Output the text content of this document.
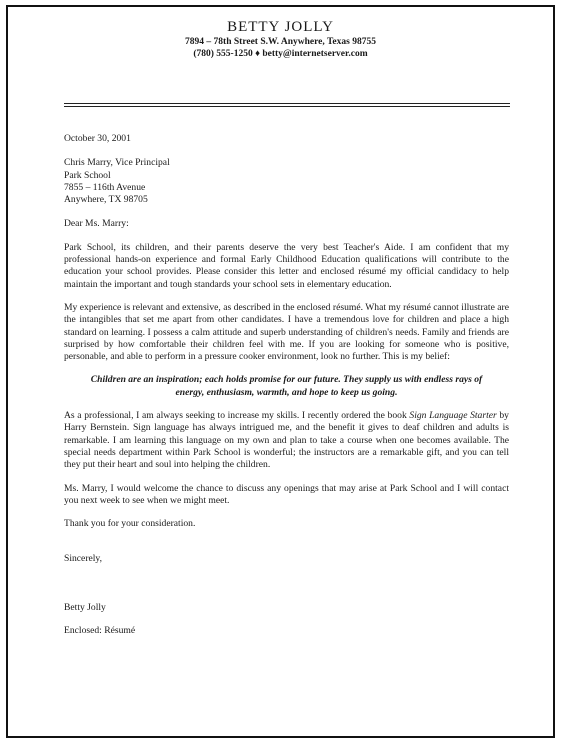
BETTY JOLLY
7894 – 78th Street S.W. Anywhere, Texas 98755
(780) 555-1250 ♦ betty@internetserver.com

October 30, 2001

Chris Marry, Vice Principal

Park School

7855 – 116th Avenue

Anywhere, TX 98705

Dear Ms. Marry:

Park School, its children, and their parents deserve the very best Teacher's Aide. I am confident that my professional hands-on experience and formal Early Childhood Education qualifications will contribute to the education your school provides. Please consider this letter and enclosed résumé my official candidacy to help maintain the important and tough standards your school sets in elementary education.

My experience is relevant and extensive, as described in the enclosed résumé. What my résumé cannot illustrate are the intangibles that set me apart from other candidates. I have a tremendous love for children and place a high standard on learning. I possess a calm attitude and superb understanding of children's needs. Family and friends are surprised by how comfortable their children feel with me. If you are looking for someone who is positive, personable, and able to perform in a pressure cooker environment, look no further. This is my belief:

Children are an inspiration; each holds promise for our future. They supply us with endless rays of energy, enthusiasm, warmth, and hope to keep us going.

As a professional, I am always seeking to increase my skills. I recently ordered the book Sign Language Starter by Harry Bernstein. Sign language has always intrigued me, and the benefit it gives to deaf children and adults is remarkable. I am learning this language on my own and plan to take a course when one becomes available. The special needs department within Park School is wonderful; the instructors are a remarkable gift, and you can tell they put their heart and soul into helping the children.

Ms. Marry, I would welcome the chance to discuss any openings that may arise at Park School and I will contact you next week to see when we might meet.

Thank you for your consideration.

Sincerely,

Betty Jolly

Enclosed: Résumé
